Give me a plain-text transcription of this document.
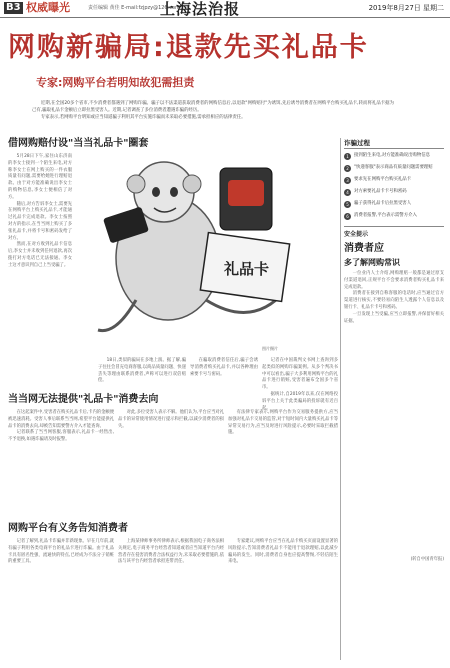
B3 权威曝光	责任编辑 黄佳 E-mail:fzjpzy@126.com
上海法治报	2019年8月27日 星期二
网购新骗局:退款先买礼品卡
专家:网购平台若明知故犯需担责

近期,在全国20多个省市,不少消费者都遇到了网购诈骗。骗子以不法渠道获取消费者的网购信息后,以退款"网购赔付"为诱饵,先后诱导消费者在网购平台购买礼品卡,转而将礼品卡据为己有,骗取礼品卡金额后立即拉黑受害人。近期,记者调查了多位消费者遭遇诈骗的经历。

专家表示,若网购平台明知或应当知道骗子利用其平台实施诈骗而未采取必要措施,需承担相应的法律责任。

借网购赔付设"当当礼品卡"圈套

5月28日下午,家住山东济南的李女士接到一个陌生来电,对方称李女士在网上购买的一件衣服质量有问题,需要给她进行理赔退款。由于对方能准确说出李女士的购物信息,李女士便相信了对方。

随后,对方告诉李女士,需要先在网购平台上购买礼品卡,才能通过礼品卡完成退款。李女士按照对方的指示,在当当网上购买了多张礼品卡,并将卡号和密码发给了对方。

然而,在对方收到礼品卡信息后,李女士并未收到任何退款,再次拨打对方电话已无法接通。李女士这才意识到自己上当受骗了。	礼品卡
图片摄片

18日,类似的骗局在多地上演。据了解,骗子往往会冒充电商客服,以商品质量问题、快递丢失等理由联系消费者,声称可以进行双倍赔偿。

在骗取消费者信任后,骗子会诱导消费者购买礼品卡,并以各种理由索要卡号与密码。

记者在中国裁判文书网上查询到多起类似的网购诈骗案例。从多个判决书中可以看出,骗子大多利用网购平台的礼品卡进行销赃,受害者遍布全国多个省市。

据统计,自2019年以来,仅在网络投诉平台上关于此类骗局的投诉就有近百起。

当当网无法提供"礼品卡"消费去向

在这起案件中,受害者在购买礼品卡后,卡内的金额便被迅速消耗。受害人事后联系当当网,希望平台能提供礼品卡的消费去向,却被告知需要警方介入才能查询。

记者联系了当当网客服,客服表示,礼品卡一经售出,不予退换,如遇诈骗请及时报警。

对此,多位受害人表示不解。他们认为,平台应当对礼品卡的异常使用情况进行提示和拦截,以减少消费者的损失。

有法律专家表示,网购平台作为交易服务提供方,应当加强对礼品卡交易的监管,对于短时间内大量购买礼品卡等异常交易行为,应当及时进行风险提示,必要时采取拦截措施。

网购平台有义务告知消费者

记者了解到,礼品卡诈骗并非新现象。早在几年前,就有骗子利用各类电商平台的礼品卡进行诈骗。由于礼品卡具有匿名性强、流通快的特点,已经成为不法分子销赃的重要工具。

上海某律师事务所律师表示,根据我国电子商务法相关规定,电子商务平台经营者知道或者应当知道平台内经营者存在侵害消费者合法权益行为,未采取必要措施的,依法与该平台内经营者承担连带责任。

专家建议,网购平台应当在礼品卡购买页面设置显著的风险提示,告知消费者礼品卡不能用于退款理赔,以此减少骗局的发生。同时,消费者自身也应提高警惕,不轻信陌生来电。

诈骗过程
1	接到陌生来电,对方能准确说出购物信息
2	"快递客服"表示商品有质量问题需要理赔
3	要求先在网购平台购买礼品卡
4	对方索要礼品卡卡号和密码
5	骗子获得礼品卡后拉黑受害人
6	消费者报警,平台表示需警方介入
安全提示
消费者应
多了解网购常识

一位业内人士介绍,网购理赔一般都是通过原支付渠道退回,正规平台不会要求消费者购买礼品卡来完成退款。

消费者在接到自称客服的电话时,应当通过官方渠道进行核实,不要轻易向陌生人透露个人信息以及银行卡、礼品卡卡号和密码。

一旦发现上当受骗,应当立即报警,并保留好相关证据。

(转自中国青年报)
